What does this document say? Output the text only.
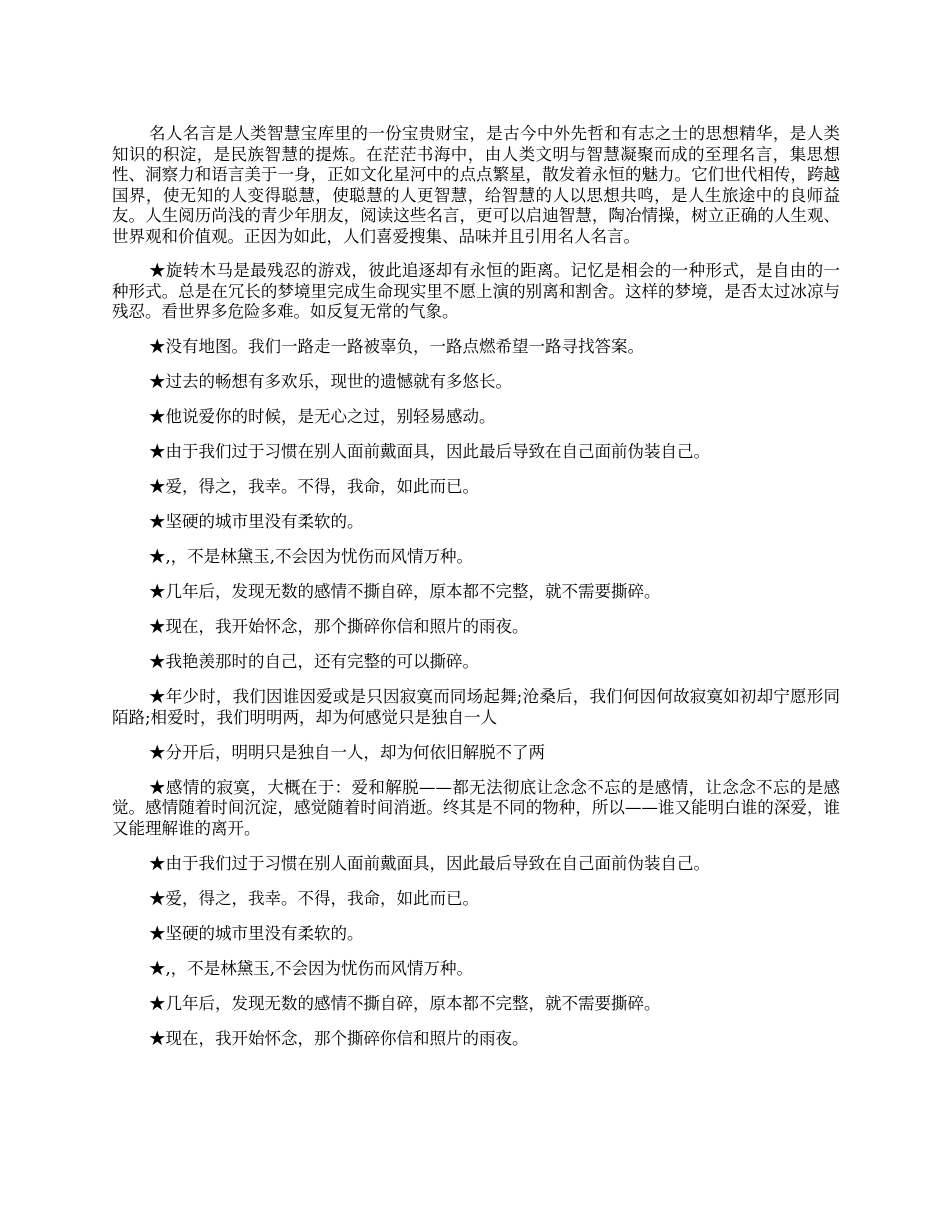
名人名言是人类智慧宝库里的一份宝贵财宝，是古今中外先哲和有志之士的思想精华，是人类知识的积淀，是民族智慧的提炼。在茫茫书海中，由人类文明与智慧凝聚而成的至理名言，集思想性、洞察力和语言美于一身，正如文化星河中的点点繁星，散发着永恒的魅力。它们世代相传，跨越国界，使无知的人变得聪慧，使聪慧的人更智慧，给智慧的人以思想共鸣，是人生旅途中的良师益友。人生阅历尚浅的青少年朋友，阅读这些名言，更可以启迪智慧，陶冶情操，树立正确的人生观、世界观和价值观。正因为如此，人们喜爱搜集、品味并且引用名人名言。

★旋转木马是最残忍的游戏，彼此追逐却有永恒的距离。记忆是相会的一种形式，是自由的一种形式。总是在冗长的梦境里完成生命现实里不愿上演的别离和割舍。这样的梦境，是否太过冰凉与残忍。看世界多危险多难。如反复无常的气象。

★没有地图。我们一路走一路被辜负，一路点燃希望一路寻找答案。

★过去的畅想有多欢乐，现世的遗憾就有多悠长。

★他说爱你的时候，是无心之过，别轻易感动。

★由于我们过于习惯在别人面前戴面具，因此最后导致在自己面前伪装自己。

★爱，得之，我幸。不得，我命，如此而已。

★坚硬的城市里没有柔软的。

★,，不是林黛玉,不会因为忧伤而风情万种。

★几年后，发现无数的感情不撕自碎，原本都不完整，就不需要撕碎。

★现在，我开始怀念，那个撕碎你信和照片的雨夜。

★我艳羡那时的自己，还有完整的可以撕碎。

★年少时，我们因谁因爱或是只因寂寞而同场起舞;沧桑后，我们何因何故寂寞如初却宁愿形同陌路;相爱时，我们明明两，却为何感觉只是独自一人

★分开后，明明只是独自一人，却为何依旧解脱不了两

★感情的寂寞，大概在于：爱和解脱——都无法彻底让念念不忘的是感情，让念念不忘的是感觉。感情随着时间沉淀，感觉随着时间消逝。终其是不同的物种，所以——谁又能明白谁的深爱，谁又能理解谁的离开。

★由于我们过于习惯在别人面前戴面具，因此最后导致在自己面前伪装自己。

★爱，得之，我幸。不得，我命，如此而已。

★坚硬的城市里没有柔软的。

★,，不是林黛玉,不会因为忧伤而风情万种。

★几年后，发现无数的感情不撕自碎，原本都不完整，就不需要撕碎。

★现在，我开始怀念，那个撕碎你信和照片的雨夜。
